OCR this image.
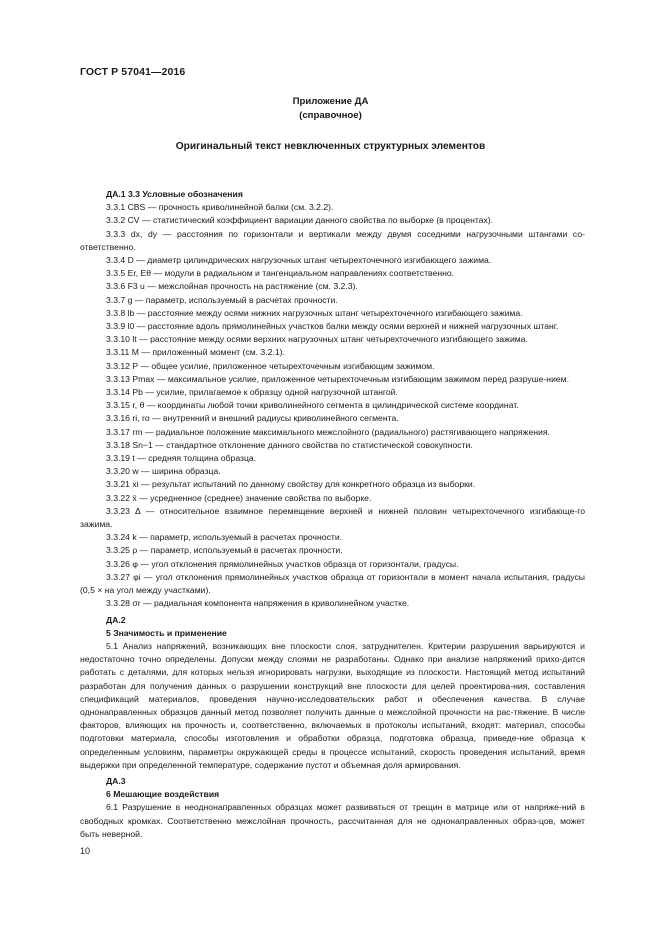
ГОСТ Р 57041—2016
Приложение ДА
(справочное)
Оригинальный текст невключенных структурных элементов

ДА.1 3.3 Условные обозначения

3.3.1 CBS — прочность криволинейной балки (см. 3.2.2).

3.3.2 CV — статистический коэффициент вариации данного свойства по выборке (в процентах).

3.3.3 dx, dy — расстояния по горизонтали и вертикали между двумя соседними нагрузочными штангами со-ответственно.

3.3.4 D — диаметр цилиндрических нагрузочных штанг четырехточечного изгибающего зажима.

3.3.5 Er, Eθ — модули в радиальном и тангенциальном направлениях соответственно.

3.3.6 F3 u — межслойная прочность на растяжение (см. 3.2.3).

3.3.7 g — параметр, используемый в расчетах прочности.

3.3.8 lb — расстояние между осями нижних нагрузочных штанг четырехточечного изгибающего зажима.

3.3.9 l0 — расстояние вдоль прямолинейных участков балки между осями верхней и нижней нагрузочных штанг.

3.3.10 lt — расстояние между осями верхних нагрузочных штанг четырехточечного изгибающего зажима.

3.3.11 M — приложенный момент (см. 3.2.1).

3.3.12 P — общее усилие, приложенное четырехточечным изгибающим зажимом.

3.3.13 Pmax — максимальное усилие, приложенное четырехточечным изгибающим зажимом перед разруше-нием.

3.3.14 Pb — усилие, прилагаемое к образцу одной нагрузочной штангой.

3.3.15 r, θ — координаты любой точки криволинейного сегмента в цилиндрической системе координат.

3.3.16 ri, ro — внутренний и внешний радиусы криволинейного сегмента.

3.3.17 rm — радиальное положение максимального межслойного (радиального) растягивающего напряжения.

3.3.18 Sn−1 — стандартное отклонение данного свойства по статистической совокупности.

3.3.19 t — средняя толщина образца.

3.3.20 w — ширина образца.

3.3.21 xi — результат испытаний по данному свойству для конкретного образца из выборки.

3.3.22 x̄ — усредненное (среднее) значение свойства по выборке.

3.3.23 Δ — относительное взаимное перемещение верхней и нижней половин четырехточечного изгибающе-го зажима.

3.3.24 k — параметр, используемый в расчетах прочности.

3.3.25 ρ — параметр, используемый в расчетах прочности.

3.3.26 φ — угол отклонения прямолинейных участков образца от горизонтали, градусы.

3.3.27 φi — угол отклонения прямолинейных участков образца от горизонтали в момент начала испытания, градусы (0,5 × на угол между участками).

3.3.28 σr — радиальная компонента напряжения в криволинейном участке.

ДА.2

5 Значимость и применение

5.1 Анализ напряжений, возникающих вне плоскости слоя, затруднителен. Критерии разрушения варьируются и недостаточно точно определены. Допуски между слоями не разработаны. Однако при анализе напряжений прихо-дится работать с деталями, для которых нельзя игнорировать нагрузки, выходящие из плоскости. Настоящий метод испытаний разработан для получения данных о разрушении конструкций вне плоскости для целей проектирова-ния, составления спецификаций материалов, проведения научно-исследовательских работ и обеспечения качества. В случае однонаправленных образцов данный метод позволяет получить данные о межслойной прочности на рас-тяжение. В числе факторов, влияющих на прочность и, соответственно, включаемых в протоколы испытаний, входят: материал, способы подготовки материала, способы изготовления и обработки образца, подготовка образца, приведе-ние образца к определенным условиям, параметры окружающей среды в процессе испытаний, скорость проведения испытаний, время выдержки при определенной температуре, содержание пустот и объемная доля армирования.

ДА.3

6 Мешающие воздействия

6.1 Разрушение в неоднонаправленных образцах может развиваться от трещин в матрице или от напряже-ний в свободных кромках. Соответственно межслойная прочность, рассчитанная для не однонаправленных образ-цов, может быть неверной.

10
